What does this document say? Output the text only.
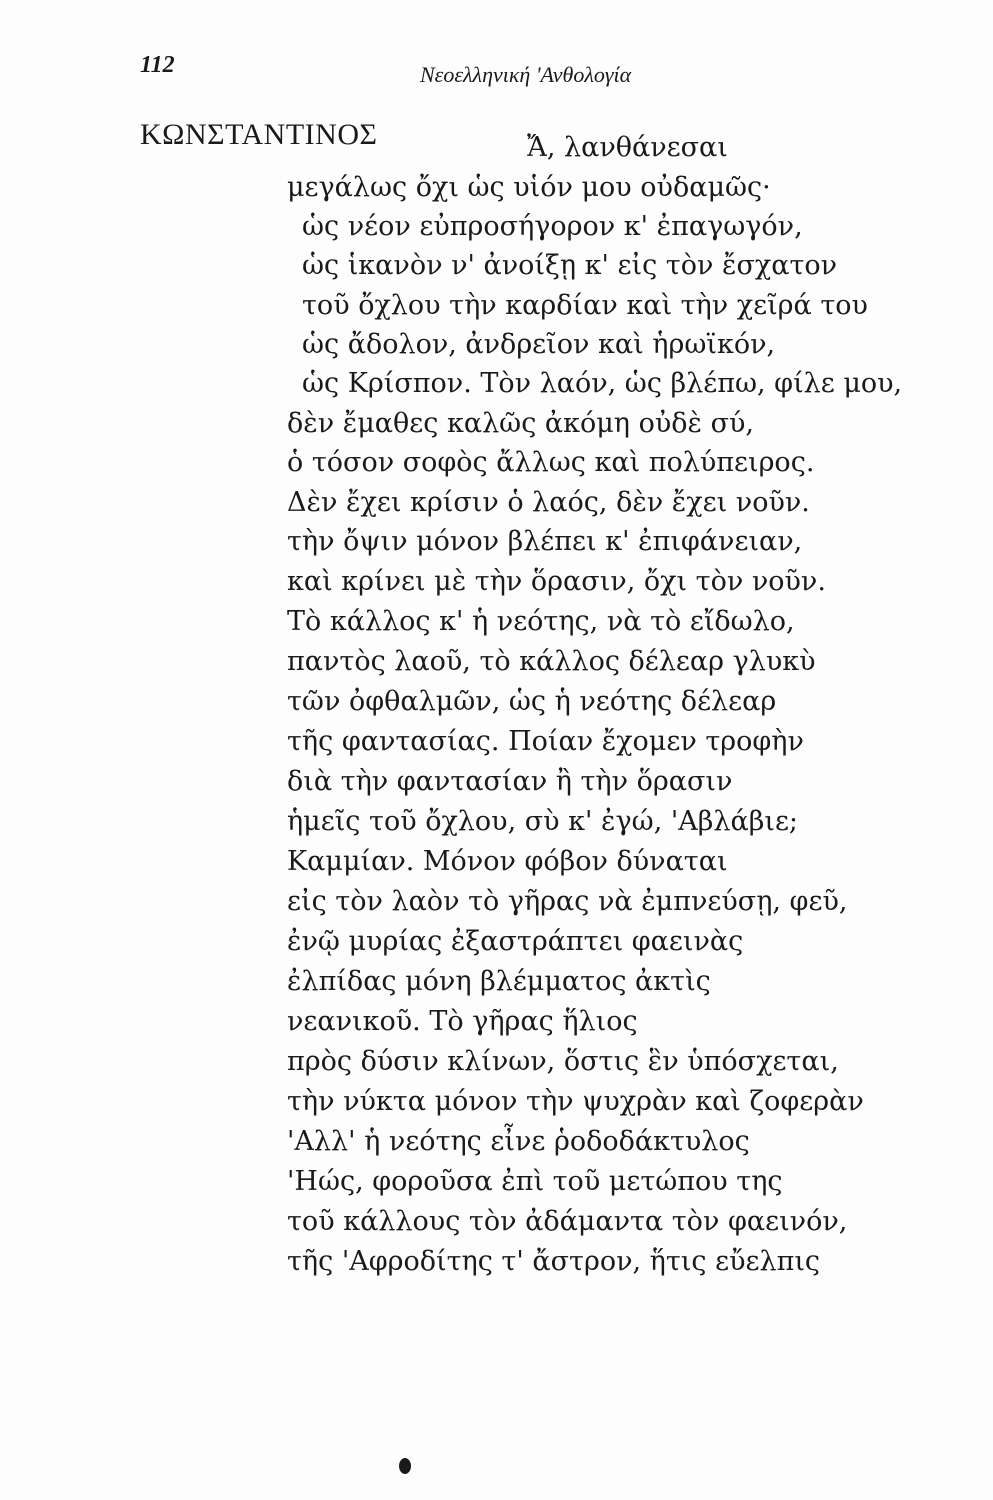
112	Νεοελληνική 'Ανθολογία
ΚΩΝΣΤΑΝΤΙΝΟΣ	Ἄ, λανθάνεσαι
μεγάλως ὄχι ὡς υἱόν μου οὐδαμῶς·
ὡς νέον εὐπροσήγορον κ' ἐπαγωγόν,
ὡς ἱκανὸν ν' ἀνοίξῃ κ' εἰς τὸν ἔσχατον
τοῦ ὄχλου τὴν καρδίαν καὶ τὴν χεῖρά του
ὡς ἄδολον, ἀνδρεῖον καὶ ἡρωϊκόν,
ὡς Κρίσπον. Τὸν λαόν, ὡς βλέπω, φίλε μου,
δὲν ἔμαθες καλῶς ἀκόμη οὐδὲ σύ,
ὁ τόσον σοφὸς ἄλλως καὶ πολύπειρος.
Δὲν ἔχει κρίσιν ὁ λαός, δὲν ἔχει νοῦν.
τὴν ὄψιν μόνον βλέπει κ' ἐπιφάνειαν,
καὶ κρίνει μὲ τὴν ὅρασιν, ὄχι τὸν νοῦν.
Τὸ κάλλος κ' ἡ νεότης, νὰ τὸ εἴδωλο,
παντὸς λαοῦ, τὸ κάλλος δέλεαρ γλυκὺ
τῶν ὀφθαλμῶν, ὡς ἡ νεότης δέλεαρ
τῆς φαντασίας. Ποίαν ἔχομεν τροφὴν
διὰ τὴν φαντασίαν ἢ τὴν ὅρασιν
ἡμεῖς τοῦ ὄχλου, σὺ κ' ἐγώ, 'Αβλάβιε;
Καμμίαν. Μόνον φόβον δύναται
εἰς τὸν λαὸν τὸ γῆρας νὰ ἐμπνεύσῃ, φεῦ,
ἐνῷ μυρίας ἐξαστράπτει φαεινὰς
ἐλπίδας μόνη βλέμματος ἀκτὶς
νεανικοῦ. Τὸ γῆρας ἥλιος
πρὸς δύσιν κλίνων, ὅστις ἓν ὑπόσχεται,
τὴν νύκτα μόνον τὴν ψυχρὰν καὶ ζοφερὰν
'Αλλ' ἡ νεότης εἶνε ῥοδοδάκτυλος
'Ηώς, φοροῦσα ἐπὶ τοῦ μετώπου της
τοῦ κάλλους τὸν ἀδάμαντα τὸν φαεινόν,
τῆς 'Αφροδίτης τ' ἄστρον, ἥτις εὔελπις
